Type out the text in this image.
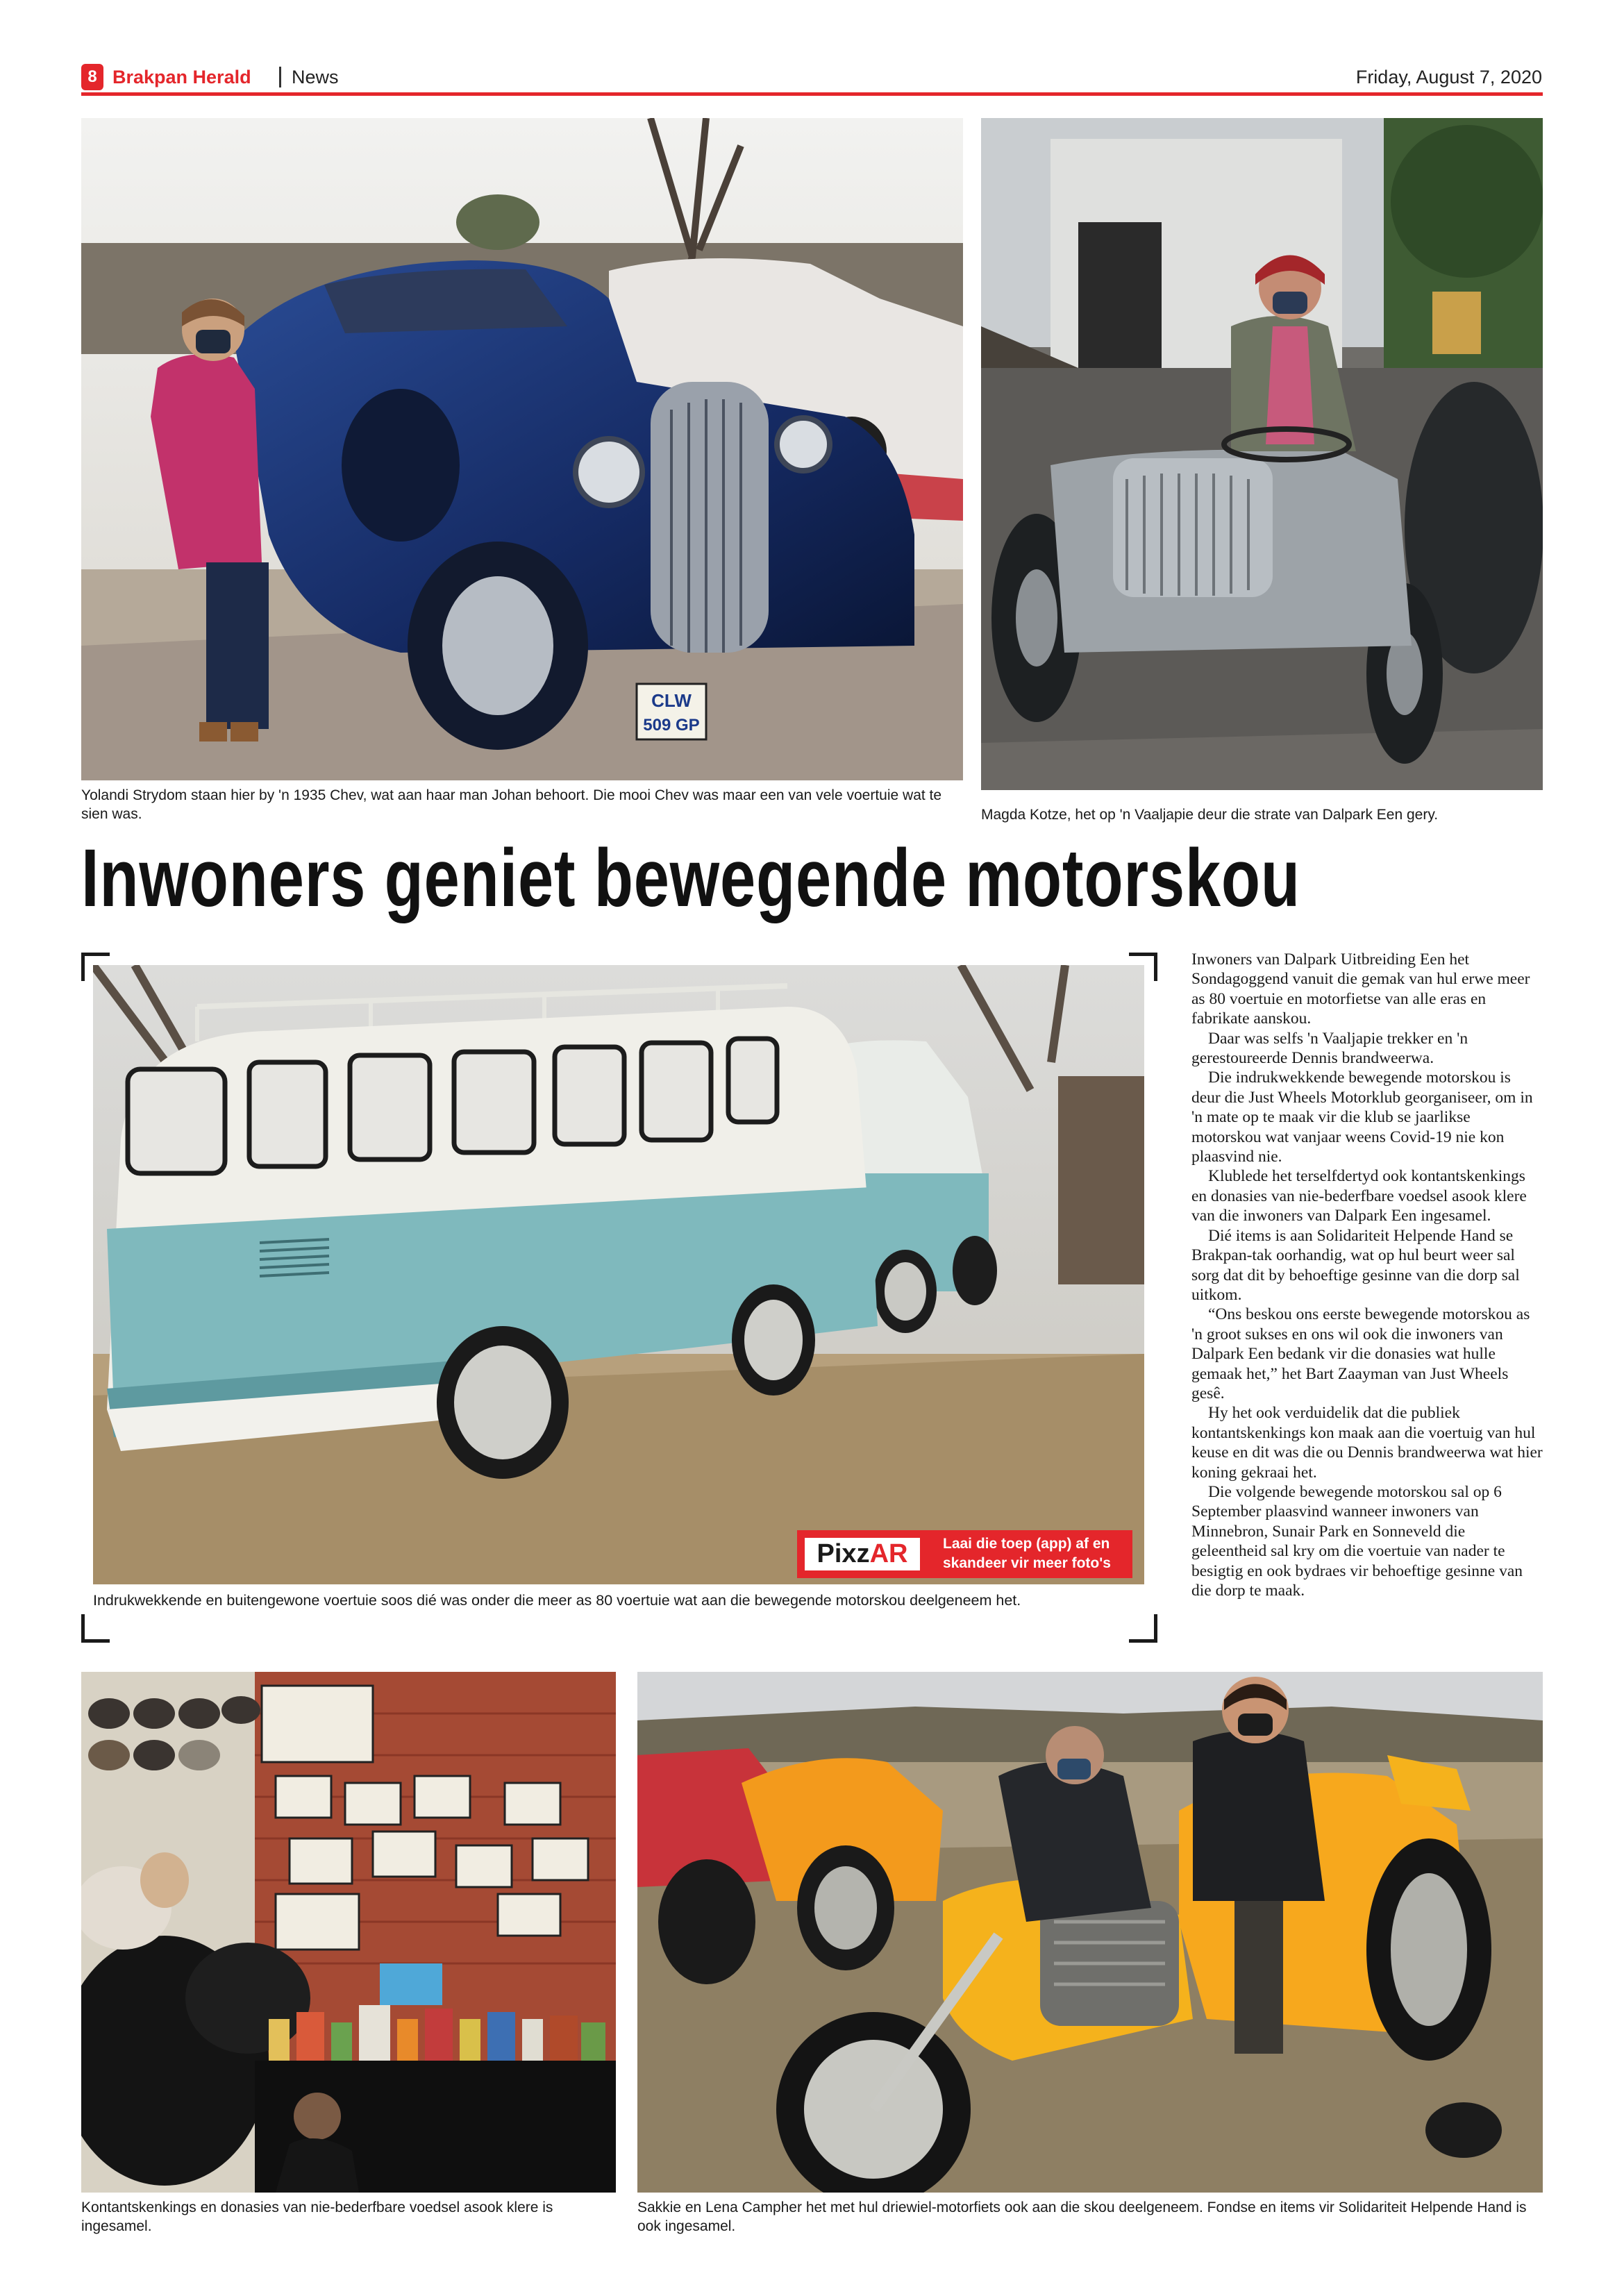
8 Brakpan Herald News	Friday, August 7, 2020
CLW
509 GP
Yolandi Strydom staan hier by 'n 1935 Chev, wat aan haar man Johan behoort. Die mooi Chev was maar een van vele voertuie wat te sien was.	Magda Kotze, het op 'n Vaaljapie deur die strate van Dalpark Een gery.
Inwoners geniet bewegende motorskou
PixzAR	Laai die toep (app) af en skandeer vir meer foto's
Indrukwekkende en buitengewone voertuie soos dié was onder die meer as 80 voertuie wat aan die bewegende motorskou deelgeneem het.

Inwoners van Dalpark Uitbreiding Een het Sondagoggend vanuit die gemak van hul erwe meer as 80 voertuie en motorfietse van alle eras en fabrikate aanskou.

Daar was selfs 'n Vaaljapie trekker en 'n gerestoureerde Dennis brandweerwa.

Die indrukwekkende bewegende motorskou is deur die Just Wheels Motorklub georganiseer, om in 'n mate op te maak vir die klub se jaarlikse motorskou wat vanjaar weens Covid-19 nie kon plaasvind nie.

Klublede het terselfdertyd ook kontantskenkings en donasies van nie-bederfbare voedsel asook klere van die inwoners van Dalpark Een ingesamel.

Dié items is aan Solidariteit Helpende Hand se Brakpan-tak oorhandig, wat op hul beurt weer sal sorg dat dit by behoeftige gesinne van die dorp sal uitkom.

“Ons beskou ons eerste bewegende motorskou as 'n groot sukses en ons wil ook die inwoners van Dalpark Een bedank vir die donasies wat hulle gemaak het,” het Bart Zaayman van Just Wheels gesê.

Hy het ook verduidelik dat die publiek kontantskenkings kon maak aan die voertuig van hul keuse en dit was die ou Dennis brandweerwa wat hier koning gekraai het.

Die volgende bewegende motorskou sal op 6 September plaasvind wanneer inwoners van Minnebron, Sunair Park en Sonneveld die geleentheid sal kry om die voertuie van nader te besigtig en ook bydraes vir behoeftige gesinne van die dorp te maak.

Kontantskenkings en donasies van nie-bederfbare voedsel asook klere is ingesamel.
Sakkie en Lena Campher het met hul driewiel-motorfiets ook aan die skou deelgeneem. Fondse en items vir Solidariteit Helpende Hand is ook ingesamel.
